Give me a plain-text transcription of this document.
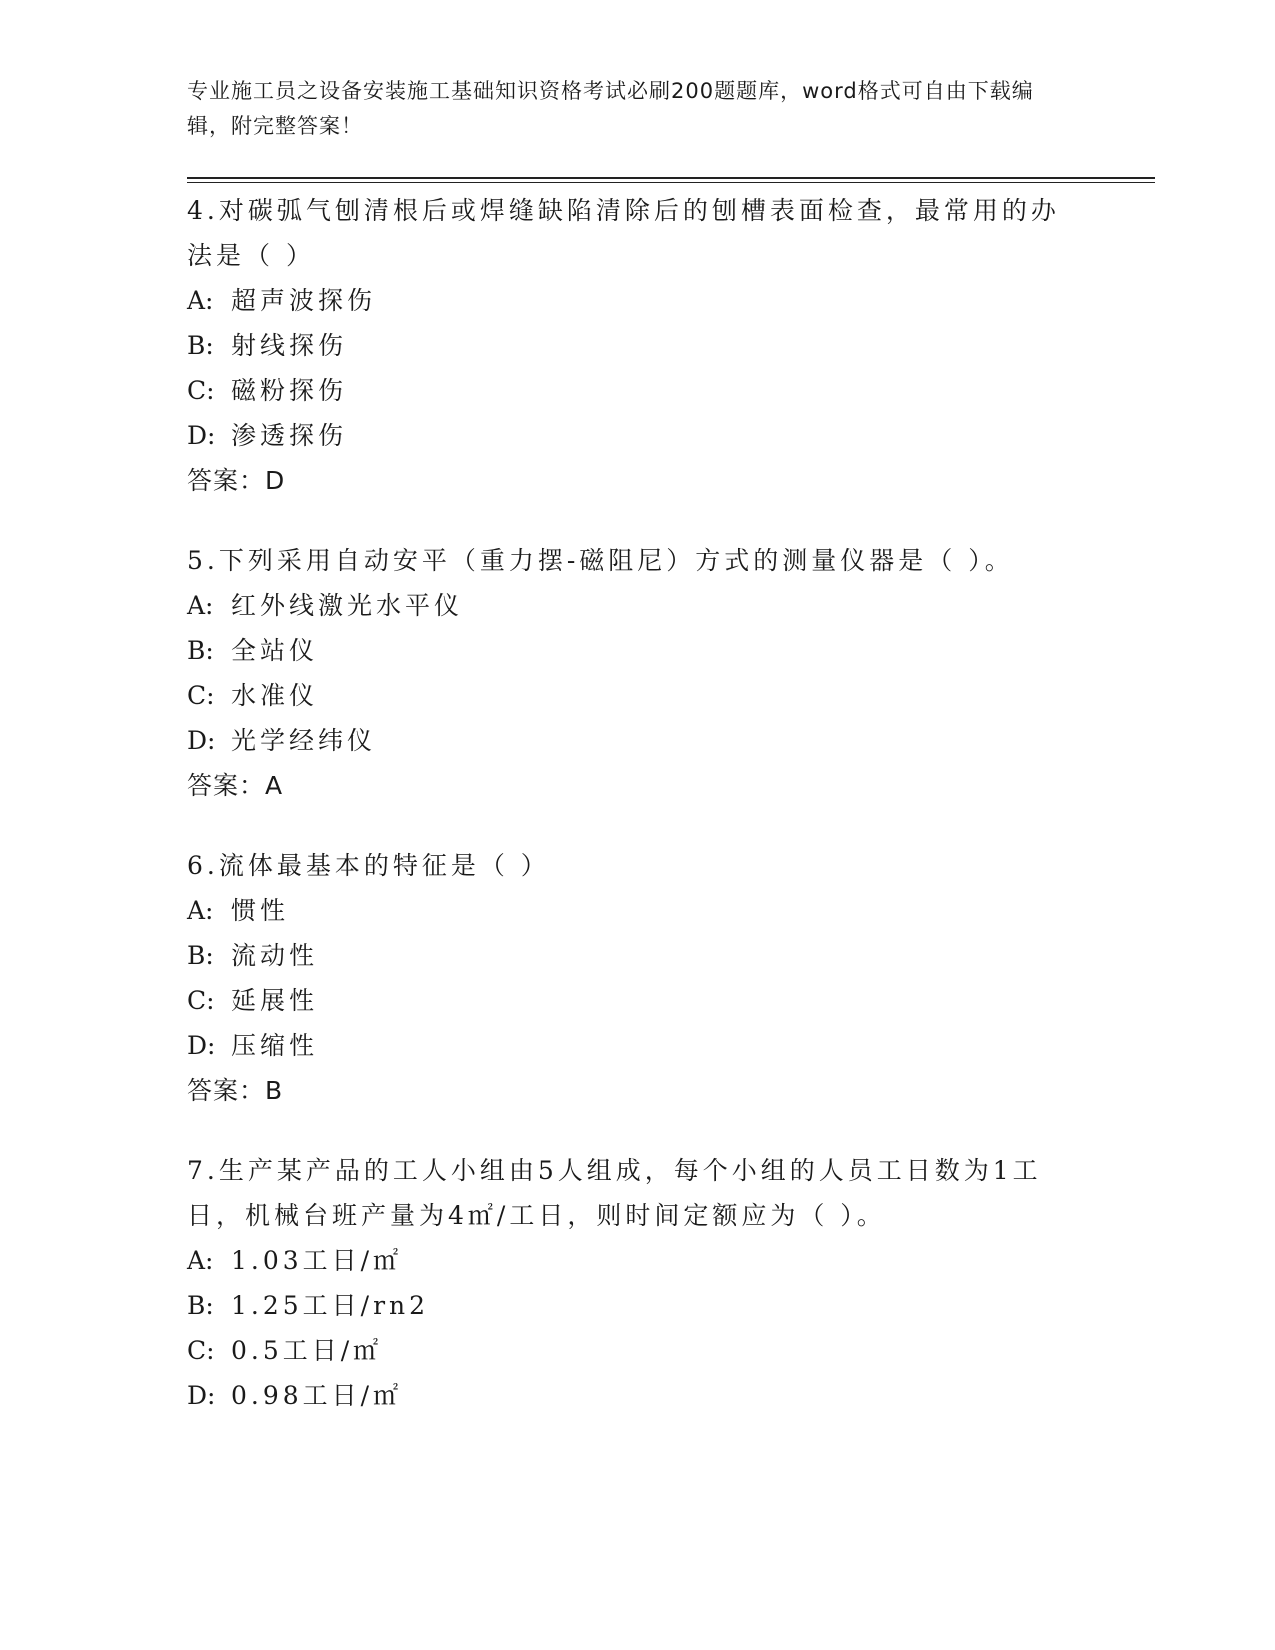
专业施工员之设备安装施工基础知识资格考试必刷200题题库，word格式可自由下载编辑，附完整答案！
4.对碳弧气刨清根后或焊缝缺陷清除后的刨槽表面检查，最常用的办法是（ ）
A: 超声波探伤
B: 射线探伤
C: 磁粉探伤
D: 渗透探伤
答案：D
5.下列采用自动安平（重力摆-磁阻尼）方式的测量仪器是（ ）。
A: 红外线激光水平仪
B: 全站仪
C: 水准仪
D: 光学经纬仪
答案：A
6.流体最基本的特征是（ ）
A: 惯性
B: 流动性
C: 延展性
D: 压缩性
答案：B
7.生产某产品的工人小组由5人组成，每个小组的人员工日数为1工日，机械台班产量为4㎡/工日，则时间定额应为（ ）。
A: 1.03工日/㎡
B: 1.25工日/rn2
C: 0.5工日/㎡
D: 0.98工日/㎡
